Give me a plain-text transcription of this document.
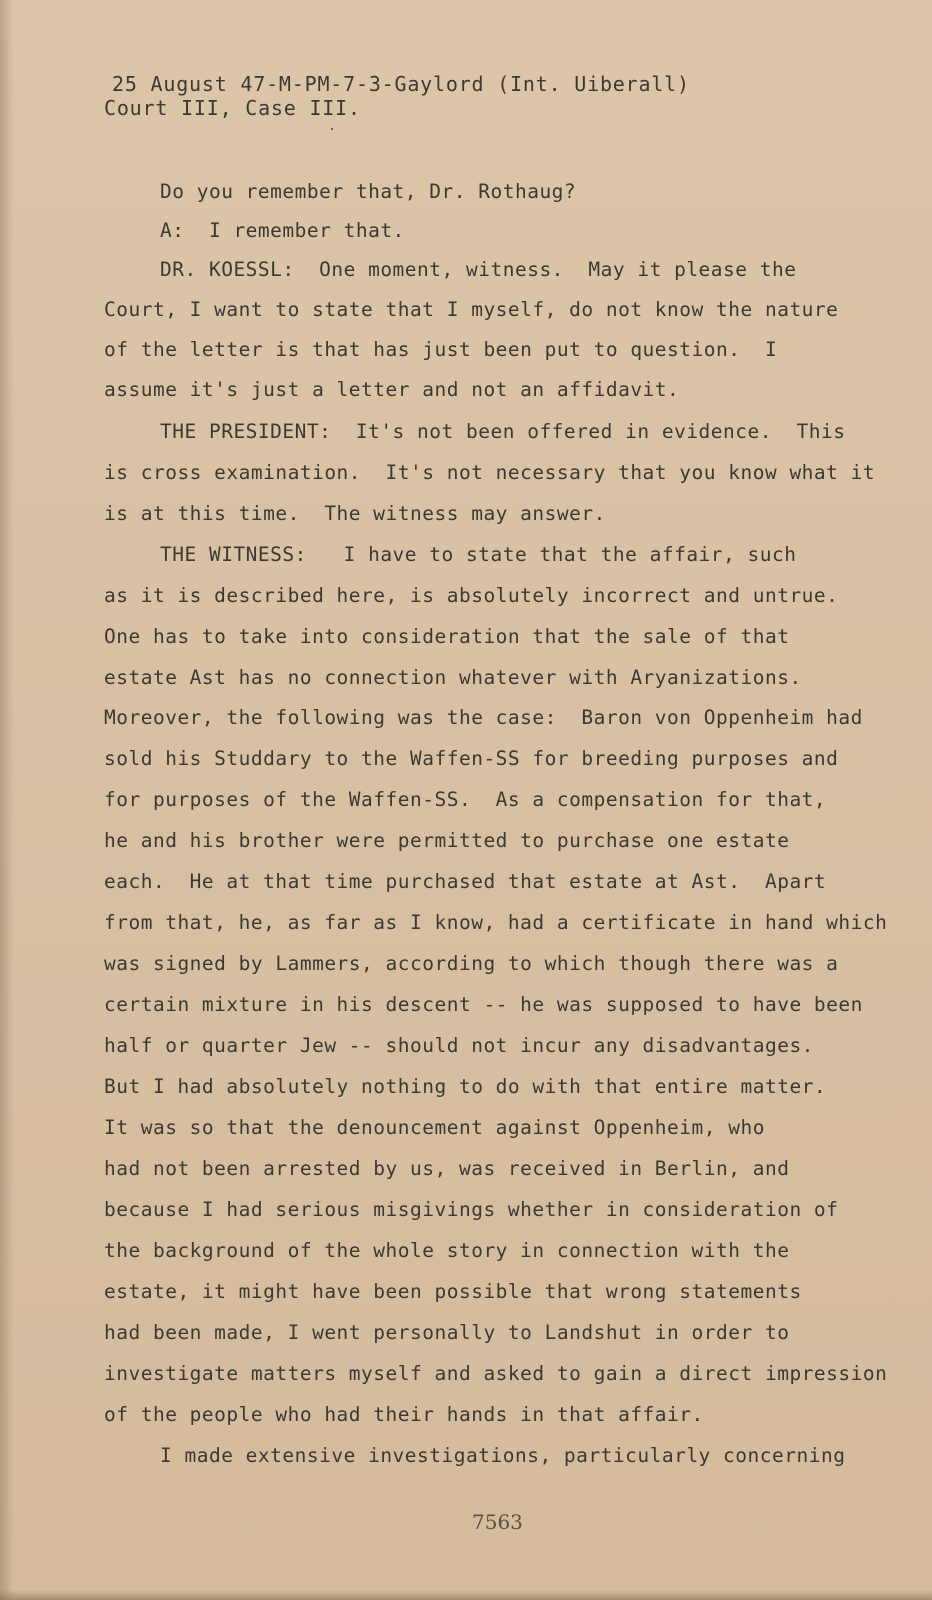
25 August 47-M-PM-7-3-Gaylord (Int. Uiberall)
Court III, Case III.
Do you remember that, Dr. Rothaug?
A:  I remember that.
DR. KOESSL:  One moment, witness.  May it please the
Court, I want to state that I myself, do not know the nature
of the letter is that has just been put to question.  I
assume it's just a letter and not an affidavit.
THE PRESIDENT:  It's not been offered in evidence.  This
is cross examination.  It's not necessary that you know what it
is at this time.  The witness may answer.
THE WITNESS:   I have to state that the affair, such
as it is described here, is absolutely incorrect and untrue.
One has to take into consideration that the sale of that
estate Ast has no connection whatever with Aryanizations.
Moreover, the following was the case:  Baron von Oppenheim had
sold his Studdary to the Waffen-SS for breeding purposes and
for purposes of the Waffen-SS.  As a compensation for that,
he and his brother were permitted to purchase one estate
each.  He at that time purchased that estate at Ast.  Apart
from that, he, as far as I know, had a certificate in hand which
was signed by Lammers, according to which though there was a
certain mixture in his descent -- he was supposed to have been
half or quarter Jew -- should not incur any disadvantages.
But I had absolutely nothing to do with that entire matter.
It was so that the denouncement against Oppenheim, who
had not been arrested by us, was received in Berlin, and
because I had serious misgivings whether in consideration of
the background of the whole story in connection with the
estate, it might have been possible that wrong statements
had been made, I went personally to Landshut in order to
investigate matters myself and asked to gain a direct impression
of the people who had their hands in that affair.
I made extensive investigations, particularly concerning
7563
